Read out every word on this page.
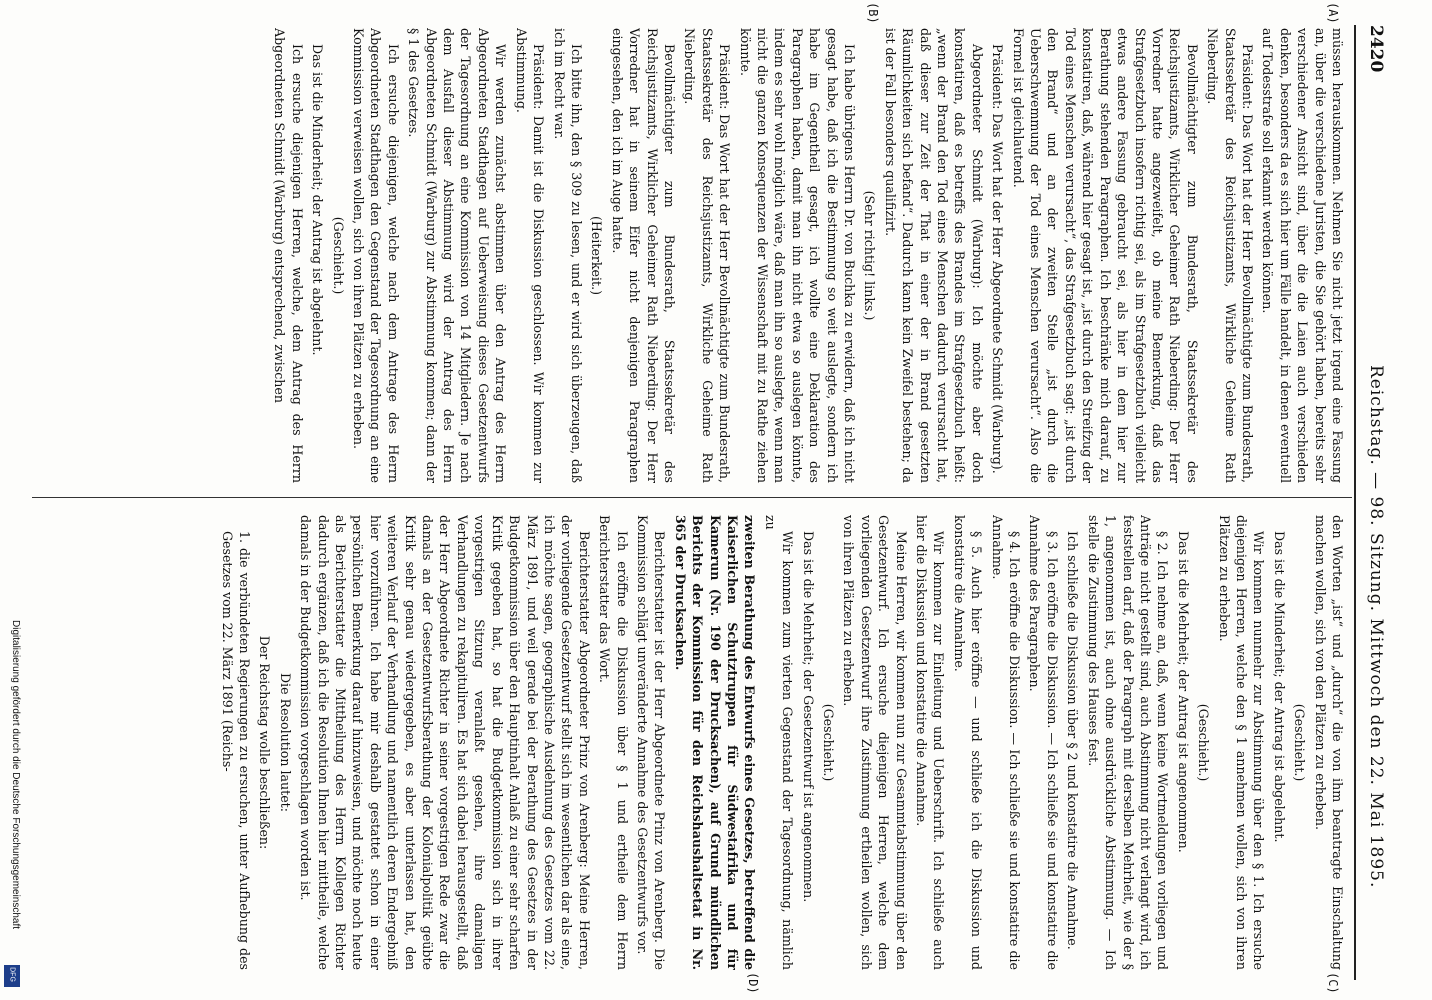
2420
Reichstag. — 98. Sitzung. Mittwoch den 22. Mai 1895.
(A)
(B)
(C)
(D)

müssen herauskommen. Nehmen Sie nicht jetzt irgend eine Fassung an, über die verschiedene Juristen, die Sie gehört haben, bereits sehr verschiedener Ansicht sind, über die die Laien auch verschieden denken, besonders da es sich hier um Fälle handelt, in denen eventuell auf Todesstrafe soll erkannt werden können.

Präsident: Das Wort hat der Herr Bevollmächtigte zum Bundesrath, Staatssekretär des Reichsjustizamts, Wirkliche Geheime Rath Nieberding.

Bevollmächtigter zum Bundesrath, Staatssekretär des Reichsjustizamts, Wirklicher Geheimer Rath Nieberding: Der Herr Vorredner hatte angezweifelt, ob meine Bemerkung, daß das Strafgesetzbuch insofern richtig sei, als im Strafgesetzbuch vielleicht etwas andere Fassung gebraucht sei, als hier in dem hier zur Berathung stehenden Paragraphen. Ich beschränke mich darauf, zu konstatiren, daß, während hier gesagt ist, „ist durch den Streifzug der Tod eines Menschen verursacht“, das Strafgesetzbuch sagt: „ist durch den Brand“ und an der zweiten Stelle „ist durch die Ueberschwemmung der Tod eines Menschen verursacht“. Also die Formel ist gleichlautend.

Präsident: Das Wort hat der Herr Abgeordnete Schmidt (Warburg).

Abgeordneter Schmidt (Warburg): Ich möchte aber doch konstatiren, daß es betreffs des Brandes im Strafgesetzbuch heißt: „wenn der Brand den Tod eines Menschen dadurch verursacht hat, daß dieser zur Zeit der That in einer der in Brand gesetzten Räumlichkeiten sich befand“. Dadurch kann kein Zweifel bestehen; da ist der Fall besonders qualifizirt.

(Sehr richtig! links.)

Ich habe übrigens Herrn Dr. von Buchka zu erwidern, daß ich nicht gesagt habe, daß ich die Bestimmung so weit auslegte, sondern ich habe im Gegentheil gesagt, ich wollte eine Deklaration des Paragraphen haben, damit man ihn nicht etwa so auslegen könnte, indem es sehr wohl möglich wäre, daß man ihn so auslegte, wenn man nicht die ganzen Konsequenzen der Wissenschaft mit zu Rathe ziehen könnte.

Präsident: Das Wort hat der Herr Bevollmächtigte zum Bundesrath, Staatssekretär des Reichsjustizamts, Wirkliche Geheime Rath Nieberding.

Bevollmächtigter zum Bundesrath, Staatssekretär des Reichsjustizamts, Wirklicher Geheimer Rath Nieberding: Der Herr Vorredner hat in seinem Eifer nicht denjenigen Paragraphen eingesehen, den ich im Auge hatte.

(Heiterkeit.)

Ich bitte ihn, den § 309 zu lesen, und er wird sich überzeugen, daß ich im Recht war.

Präsident: Damit ist die Diskussion geschlossen. Wir kommen zur Abstimmung.

Wir werden zunächst abstimmen über den Antrag des Herrn Abgeordneten Stadthagen auf Ueberweisung dieses Gesetzentwurfs der Tagesordnung an eine Kommission von 14 Mitgliedern. Je nach dem Ausfall dieser Abstimmung wird der Antrag des Herrn Abgeordneten Schmidt (Warburg) zur Abstimmung kommen; dann der § 1 des Gesetzes.

Ich ersuche diejenigen, welche nach dem Antrage des Herrn Abgeordneten Stadthagen den Gegenstand der Tagesordnung an eine Kommission verweisen wollen, sich von ihren Plätzen zu erheben.

(Geschieht.)

Das ist die Minderheit; der Antrag ist abgelehnt.

Ich ersuche diejenigen Herren, welche, dem Antrag des Herrn Abgeordneten Schmidt (Warburg) entsprechend, zwischen

den Worten „ist“ und „durch“ die von ihm beantragte Einschaltung machen wollen, sich von den Plätzen zu erheben.

(Geschieht.)

Das ist die Minderheit; der Antrag ist abgelehnt.

Wir kommen nunmehr zur Abstimmung über den § 1. Ich ersuche diejenigen Herren, welche den § 1 annehmen wollen, sich von ihren Plätzen zu erheben.

(Geschieht.)

Das ist die Mehrheit; der Antrag ist angenommen.

§ 2. Ich nehme an, daß, wenn keine Wortmeldungen vorliegen und Anträge nicht gestellt sind, auch Abstimmung nicht verlangt wird, ich feststellen darf, daß der Paragraph mit derselben Mehrheit, wie der § 1, angenommen ist, auch ohne ausdrückliche Abstimmung. — Ich stelle die Zustimmung des Hauses fest.

Ich schließe die Diskussion über § 2 und konstatire die Annahme.

§ 3. Ich eröffne die Diskussion. — Ich schließe sie und konstatire die Annahme des Paragraphen.

§ 4. Ich eröffne die Diskussion. — Ich schließe sie und konstatire die Annahme.

§ 5. Auch hier eröffne — und schließe ich die Diskussion und konstatire die Annahme.

Wir kommen zur Einleitung und Ueberschrift. Ich schließe auch hier die Diskussion und konstatire die Annahme.

Meine Herren, wir kommen nun zur Gesammtabstimmung über den Gesetzentwurf. Ich ersuche diejenigen Herren, welche dem vorliegenden Gesetzentwurf ihre Zustimmung ertheilen wollen, sich von ihren Plätzen zu erheben.

(Geschieht.)

Das ist die Mehrheit; der Gesetzentwurf ist angenommen.

Wir kommen zum vierten Gegenstand der Tagesordnung, nämlich zu

zweiten Berathung des Entwurfs eines Gesetzes, betreffend die Kaiserlichen Schutztruppen für Südwestafrika und für Kamerun (Nr. 190 der Drucksachen), auf Grund mündlichen Berichts der Kommission für den Reichshaushaltsetat in Nr. 365 der Drucksachen.

Berichterstatter ist der Herr Abgeordnete Prinz von Arenberg. Die Kommission schlägt unveränderte Annahme des Gesetzentwurfs vor.

Ich eröffne die Diskussion über § 1 und ertheile dem Herrn Berichterstatter das Wort.

Berichterstatter Abgeordneter Prinz von Arenberg: Meine Herren, der vorliegende Gesetzentwurf stellt sich im wesentlichen dar als eine, ich möchte sagen, geographische Ausdehnung des Gesetzes vom 22. März 1891, und weil gerade bei der Berathung des Gesetzes in der Budgetkommission über den Hauptinhalt Anlaß zu einer sehr scharfen Kritik gegeben hat, so hat die Budgetkommission sich in ihrer vorgestrigen Sitzung veranlaßt gesehen, ihre damaligen Verhandlungen zu rekapituliren. Es hat sich dabei herausgestellt, daß der Herr Abgeordnete Richter in seiner vorgestrigen Rede zwar die damals an der Gesetzentwurfsberathung der Kolonialpolitik geübte Kritik sehr genau wiedergegeben, es aber unterlassen hat, den weiteren Verlauf der Verhandlung und namentlich deren Endergebniß hier vorzuführen. Ich habe mir deshalb gestattet schon in einer persönlichen Bemerkung darauf hinzuweisen, und möchte noch heute als Berichterstatter die Mittheilung des Herrn Kollegen Richter dadurch ergänzen, daß ich die Resolution Ihnen hier mittheile, welche damals in der Budgetkommission vorgeschlagen worden ist.

Die Resolution lautet:

Der Reichstag wolle beschließen:

1. die verbündeten Regierungen zu ersuchen, unter Aufhebung des Gesetzes vom 22. März 1891 (Reichs-

Digitalisierung gefördert durch die Deutsche Forschungsgemeinschaft
DFG
